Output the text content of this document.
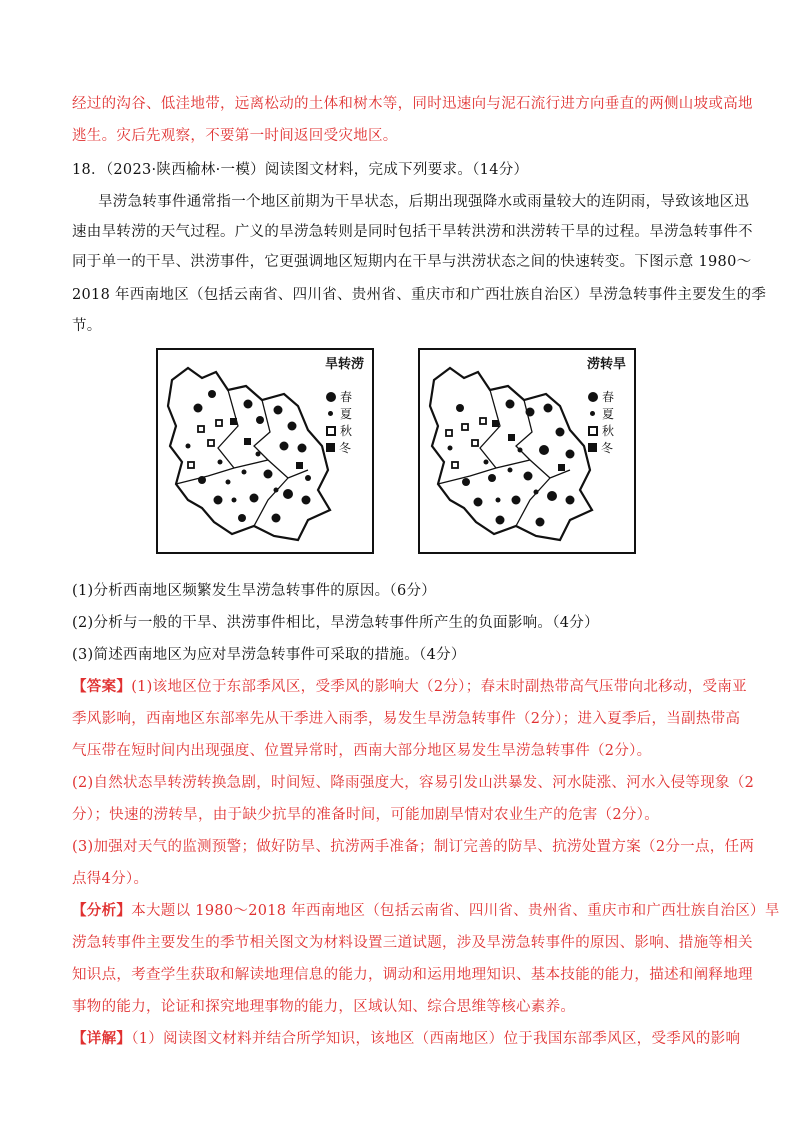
经过的沟谷、低洼地带，远离松动的土体和树木等，同时迅速向与泥石流行进方向垂直的两侧山坡或高地
逃生。灾后先观察，不要第一时间返回受灾地区。
18．（2023·陕西榆林·一模）阅读图文材料，完成下列要求。（14分）
旱涝急转事件通常指一个地区前期为干旱状态，后期出现强降水或雨量较大的连阴雨，导致该地区迅
速由旱转涝的天气过程。广义的旱涝急转则是同时包括干旱转洪涝和洪涝转干旱的过程。旱涝急转事件不
同于单一的干旱、洪涝事件，它更强调地区短期内在干旱与洪涝状态之间的快速转变。下图示意 1980～
2018 年西南地区（包括云南省、四川省、贵州省、重庆市和广西壮族自治区）旱涝急转事件主要发生的季
节。
旱转涝
春
夏
秋
冬
涝转旱
春
夏
秋
冬
(1)分析西南地区频繁发生旱涝急转事件的原因。（6分）
(2)分析与一般的干旱、洪涝事件相比，旱涝急转事件所产生的负面影响。（4分）
(3)简述西南地区为应对旱涝急转事件可采取的措施。（4分）
【答案】(1)该地区位于东部季风区，受季风的影响大（2分）；春末时副热带高气压带向北移动，受南亚
季风影响，西南地区东部率先从干季进入雨季，易发生旱涝急转事件（2分）；进入夏季后，当副热带高
气压带在短时间内出现强度、位置异常时，西南大部分地区易发生旱涝急转事件（2分）。
(2)自然状态旱转涝转换急剧，时间短、降雨强度大，容易引发山洪暴发、河水陡涨、河水入侵等现象（2
分）；快速的涝转旱，由于缺少抗旱的准备时间，可能加剧旱情对农业生产的危害（2分）。
(3)加强对天气的监测预警；做好防旱、抗涝两手准备；制订完善的防旱、抗涝处置方案（2分一点，任两
点得4分）。
【分析】本大题以 1980～2018 年西南地区（包括云南省、四川省、贵州省、重庆市和广西壮族自治区）旱
涝急转事件主要发生的季节相关图文为材料设置三道试题，涉及旱涝急转事件的原因、影响、措施等相关
知识点，考查学生获取和解读地理信息的能力，调动和运用地理知识、基本技能的能力，描述和阐释地理
事物的能力，论证和探究地理事物的能力，区域认知、综合思维等核心素养。
【详解】（1）阅读图文材料并结合所学知识，该地区（西南地区）位于我国东部季风区，受季风的影响
